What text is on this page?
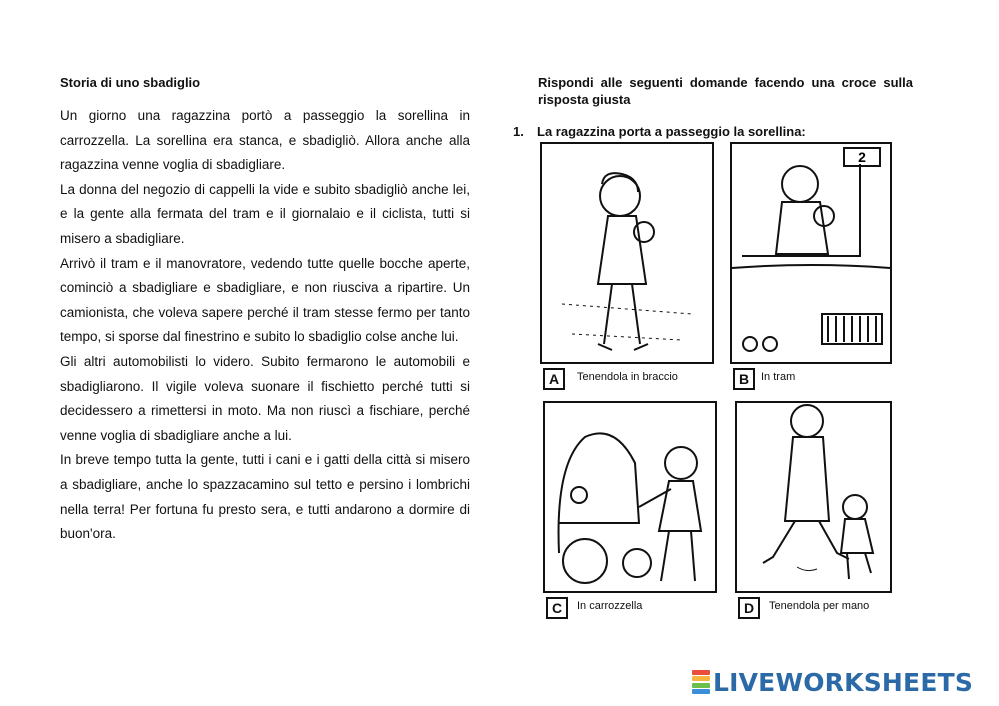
Storia di uno sbadiglio

Un giorno una ragazzina portò a passeggio la sorellina in carrozzella. La sorellina era stanca, e sbadigliò. Allora anche alla ragazzina venne voglia di sbadigliare.

La donna del negozio di cappelli la vide e subito sbadigliò anche lei, e la gente alla fermata del tram e il giornalaio e il ciclista, tutti si misero a sbadigliare.

Arrivò il tram e il manovratore, vedendo tutte quelle bocche aperte, cominciò a sbadigliare e sbadigliare, e non riusciva a ripartire. Un camionista, che voleva sapere perché il tram stesse fermo per tanto tempo, si sporse dal finestrino e subito lo sbadiglio colse anche lui.

Gli altri automobilisti lo videro. Subito fermarono le automobili e sbadigliarono. Il vigile voleva suonare il fischietto perché tutti si decidessero a rimettersi in moto. Ma non riuscì a fischiare, perché venne voglia di sbadigliare anche a lui.

In breve tempo tutta la gente, tutti i cani e i gatti della città si misero a sbadigliare, anche lo spazzacamino sul tetto e persino i lombrichi nella terra! Per fortuna fu presto sera, e tutti andarono a dormire di buon'ora.

Rispondi alle seguenti domande facendo una croce sulla risposta giusta
1. La ragazzina porta a passeggio la sorellina:
A	Tenendola in braccio
2
B	In tram
C	In carrozzella	D	Tenendola per mano
LIVEWORKSHEETS
